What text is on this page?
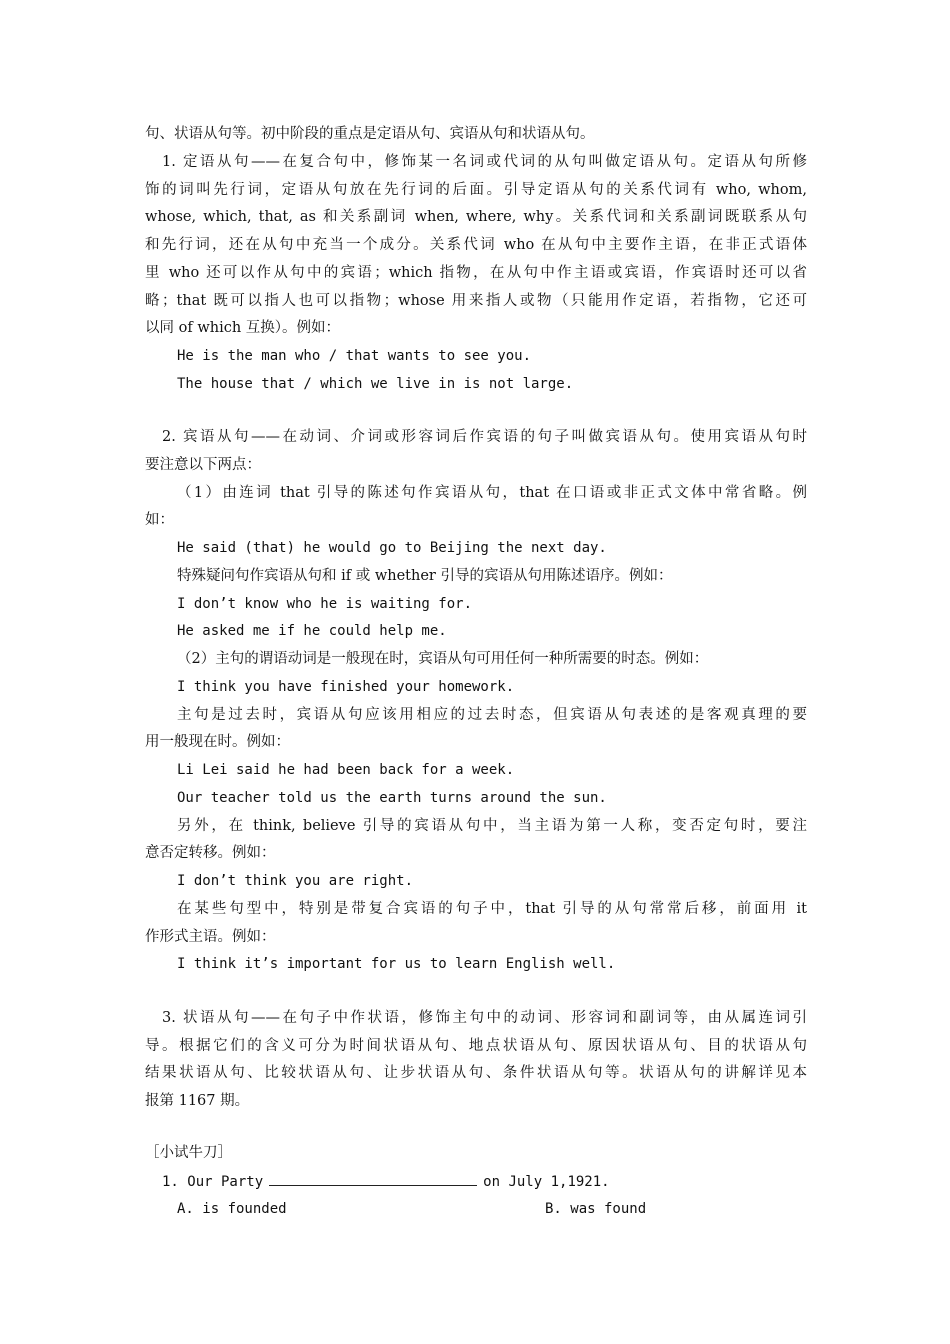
句、状语从句等。初中阶段的重点是定语从句、宾语从句和状语从句。
1. 定语从句——在复合句中，修饰某一名词或代词的从句叫做定语从句。定语从句所修
饰的词叫先行词，定语从句放在先行词的后面。引导定语从句的关系代词有 who, whom,
whose, which, that, as 和关系副词 when, where, why。关系代词和关系副词既联系从句
和先行词，还在从句中充当一个成分。关系代词 who 在从句中主要作主语，在非正式语体
里 who 还可以作从句中的宾语；which 指物，在从句中作主语或宾语，作宾语时还可以省
略；that 既可以指人也可以指物；whose 用来指人或物（只能用作定语，若指物，它还可
以同 of which 互换）。例如：
He is the man who / that wants to see you.
The house that / which we live in is not large.
2. 宾语从句——在动词、介词或形容词后作宾语的句子叫做宾语从句。使用宾语从句时
要注意以下两点：
（1）由连词 that 引导的陈述句作宾语从句，that 在口语或非正式文体中常省略。例
如：
He said (that) he would go to Beijing the next day.
特殊疑问句作宾语从句和 if 或 whether 引导的宾语从句用陈述语序。例如：
I don’t know who he is waiting for.
He asked me if he could help me.
（2）主句的谓语动词是一般现在时，宾语从句可用任何一种所需要的时态。例如：
I think you have finished your homework.
主句是过去时，宾语从句应该用相应的过去时态，但宾语从句表述的是客观真理的要
用一般现在时。例如：
Li Lei said he had been back for a week.
Our teacher told us the earth turns around the sun.
另外，在 think, believe 引导的宾语从句中，当主语为第一人称，变否定句时，要注
意否定转移。例如：
I don’t think you are right.
在某些句型中，特别是带复合宾语的句子中，that 引导的从句常常后移，前面用 it
作形式主语。例如：
I think it’s important for us to learn English well.
3. 状语从句——在句子中作状语，修饰主句中的动词、形容词和副词等，由从属连词引
导。根据它们的含义可分为时间状语从句、地点状语从句、原因状语从句、目的状语从句
结果状语从句、比较状语从句、让步状语从句、条件状语从句等。状语从句的讲解详见本
报第 1167 期。
［小试牛刀］
1. Our Party	on July 1,1921.
A. is founded	B. was found
